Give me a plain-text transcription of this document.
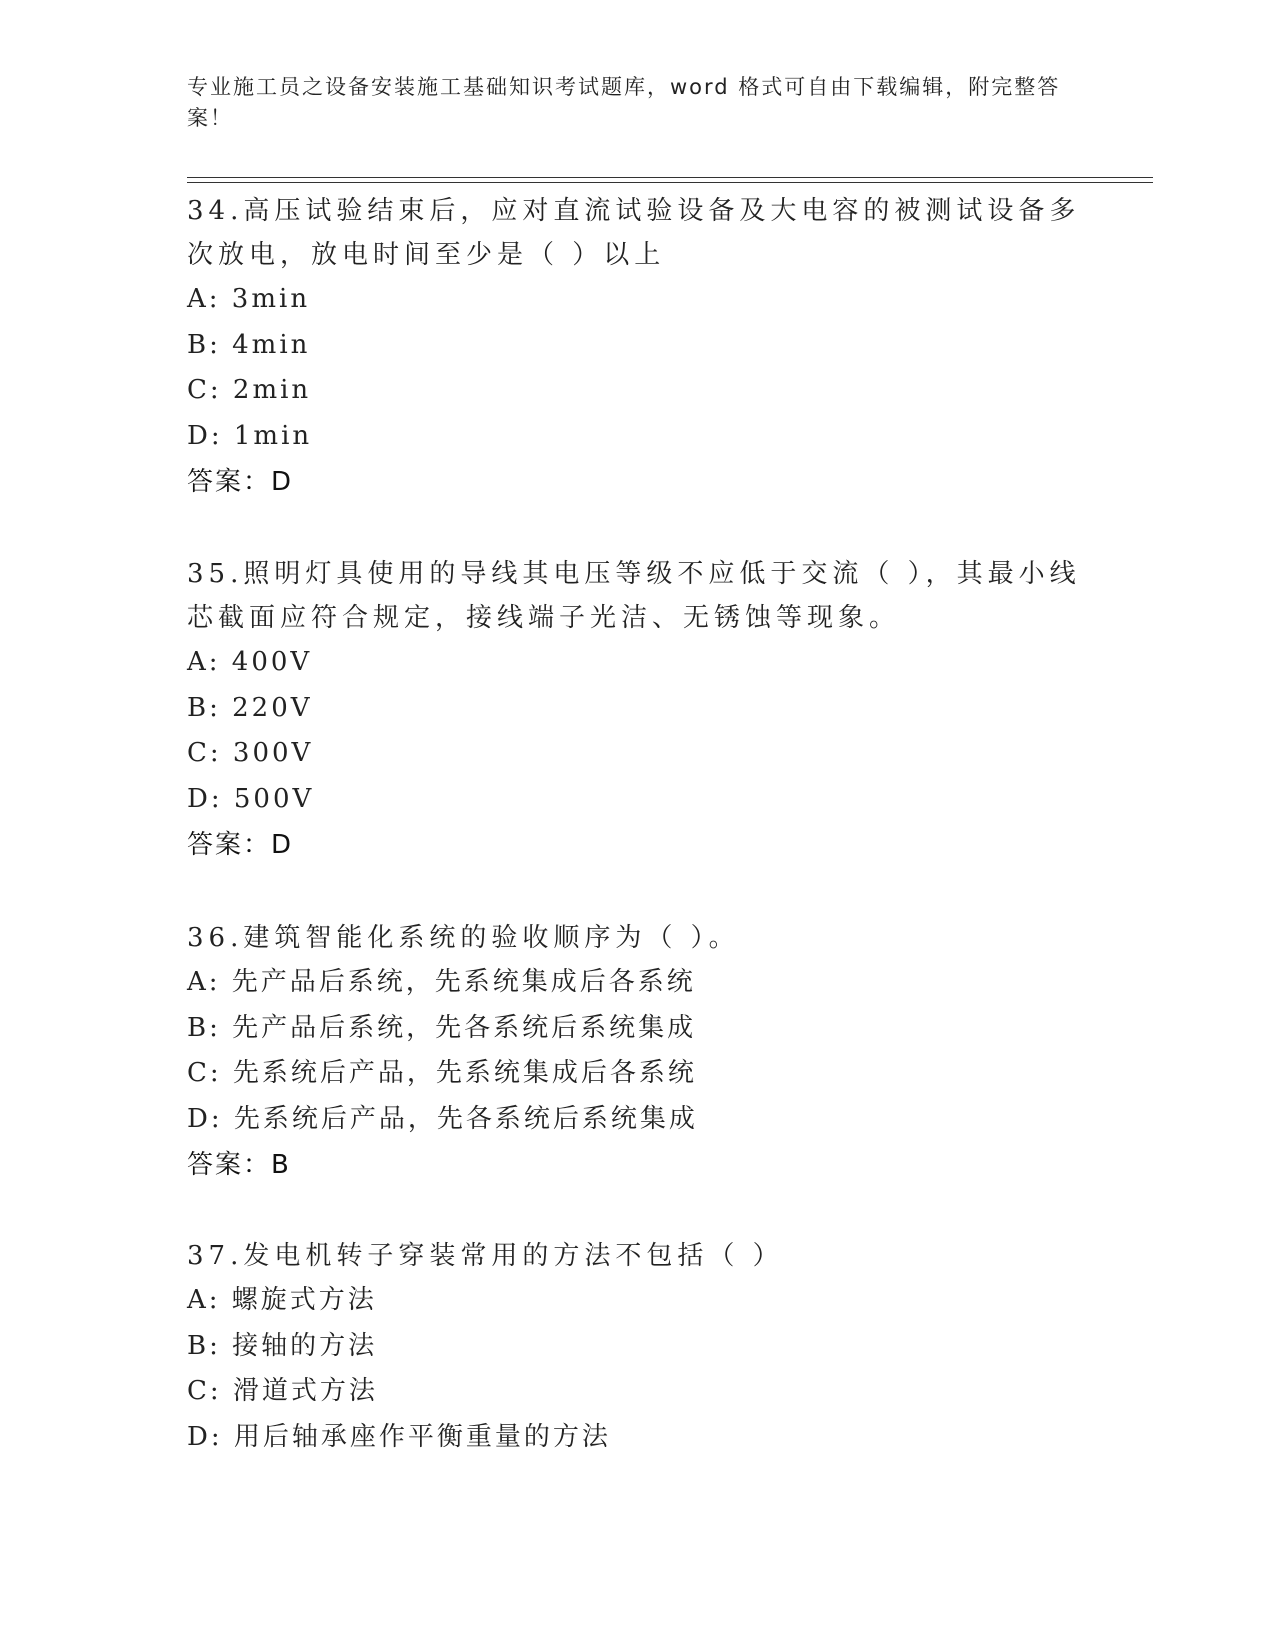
专业施工员之设备安装施工基础知识考试题库，word 格式可自由下载编辑，附完整答案！
34.高压试验结束后，应对直流试验设备及大电容的被测试设备多次放电，放电时间至少是（ ）以上
A: 3min
B: 4min
C: 2min
D: 1min
答案：D
35.照明灯具使用的导线其电压等级不应低于交流（ ），其最小线芯截面应符合规定，接线端子光洁、无锈蚀等现象。
A: 400V
B: 220V
C: 300V
D: 500V
答案：D
36.建筑智能化系统的验收顺序为（ ）。
A: 先产品后系统，先系统集成后各系统
B: 先产品后系统，先各系统后系统集成
C: 先系统后产品，先系统集成后各系统
D: 先系统后产品，先各系统后系统集成
答案：B
37.发电机转子穿装常用的方法不包括（ ）
A: 螺旋式方法
B: 接轴的方法
C: 滑道式方法
D: 用后轴承座作平衡重量的方法
